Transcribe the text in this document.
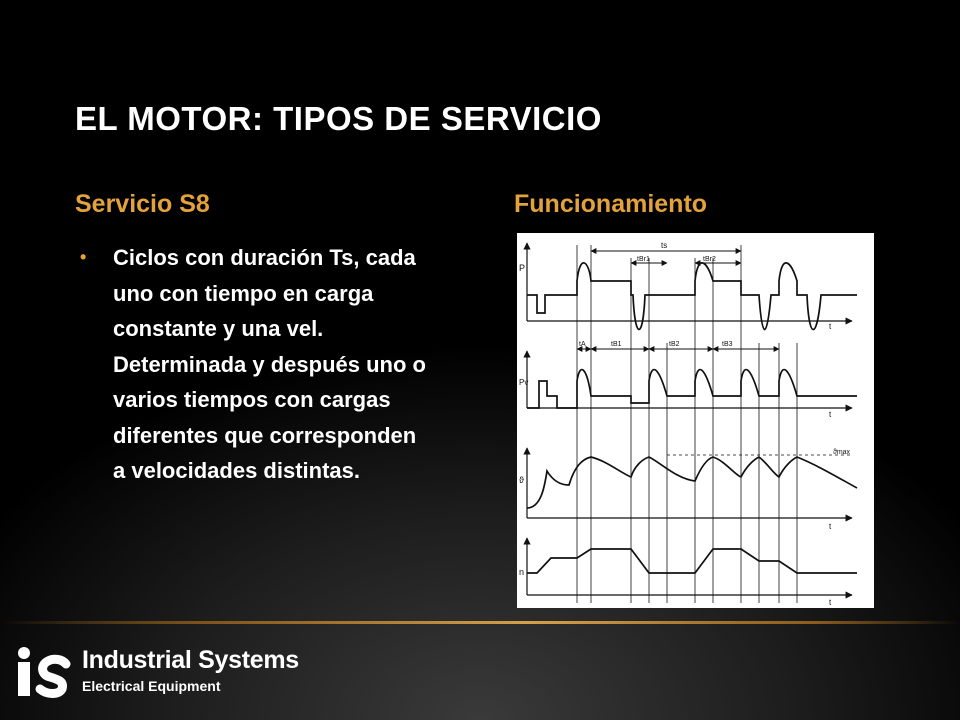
EL MOTOR: TIPOS DE SERVICIO
Servicio S8	Funcionamiento
• Ciclos con duración Ts, cada uno con tiempo en carga constante y una vel. Determinada y después uno o varios tiempos con cargas diferentes que corresponden a velocidades distintas.
ts
tBr1	tBr2
tA	tB1	tB2	tB3
P
Pv
ϑ
ϑmax
n
t
t
t
t
Industrial Systems
Electrical Equipment
